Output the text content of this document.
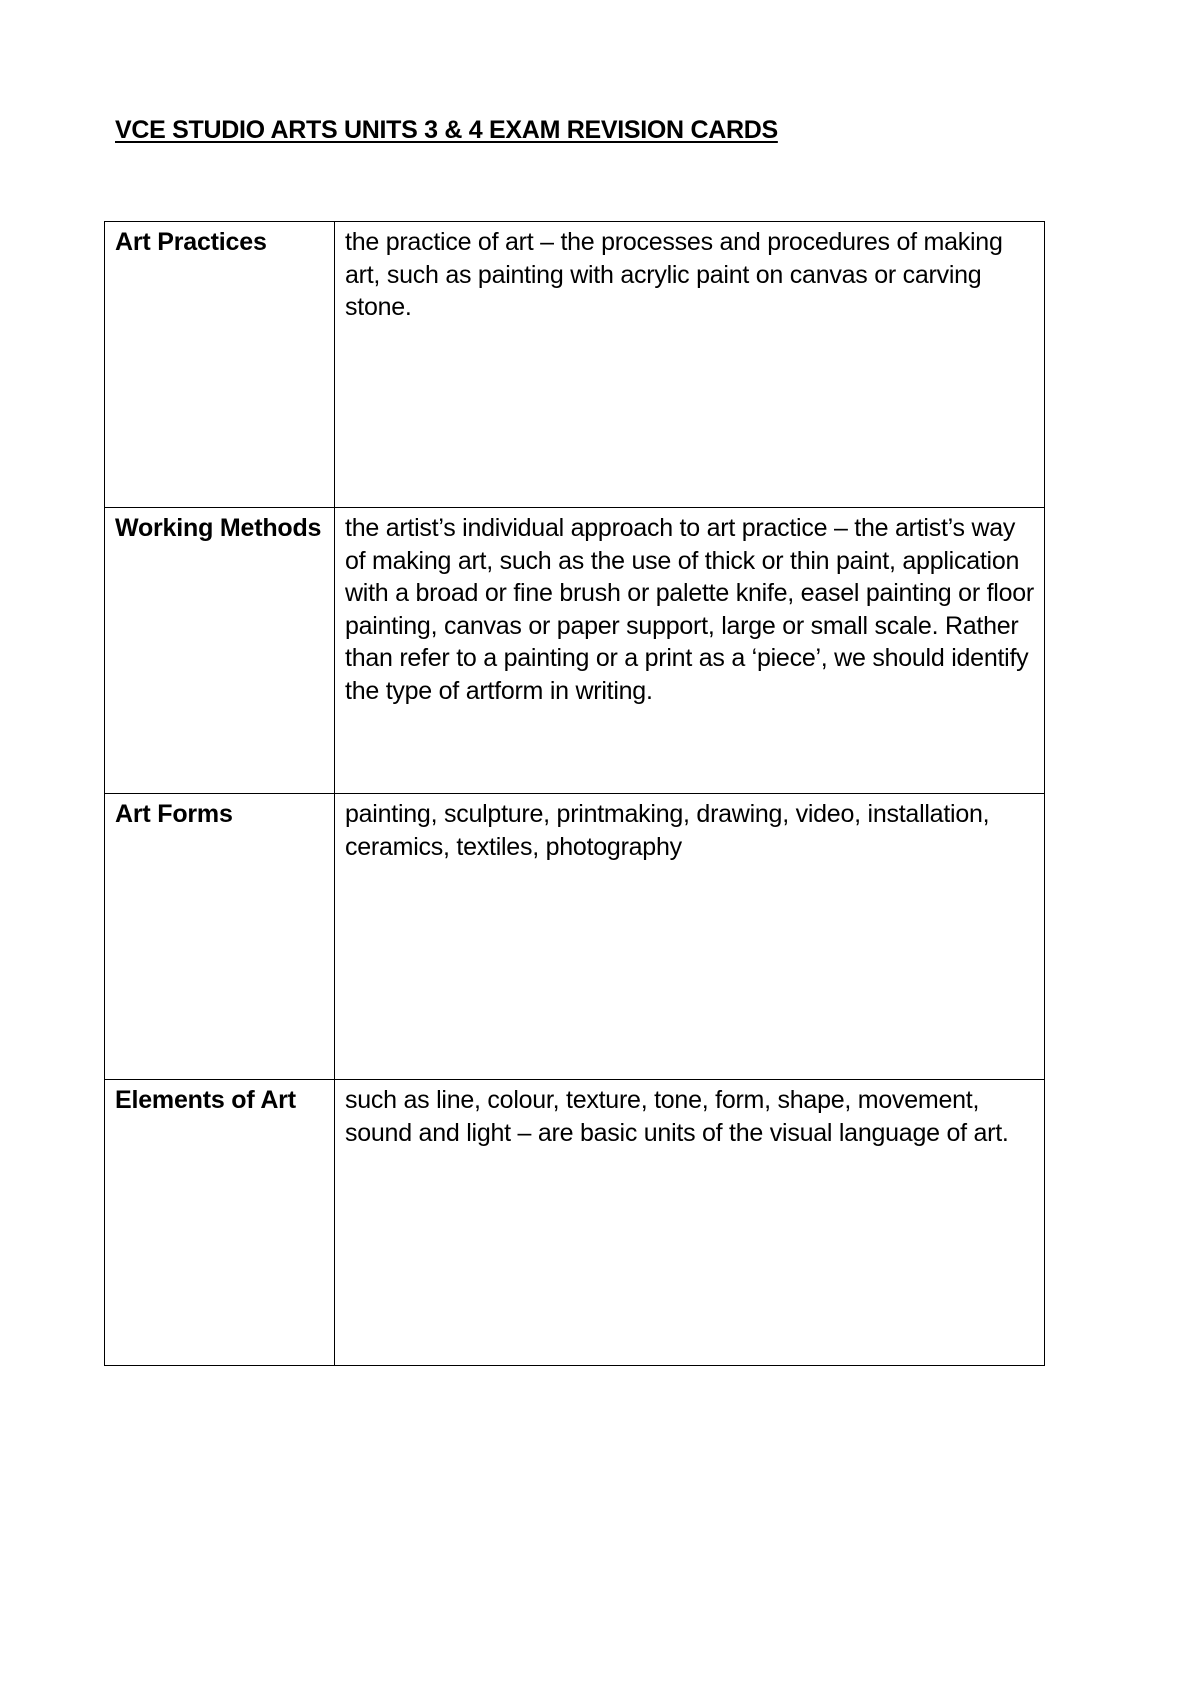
VCE STUDIO ARTS UNITS 3 & 4 EXAM REVISION CARDS
Art Practices	the practice of art – the processes and procedures of making art, such as painting with acrylic paint on canvas or carving stone.

Working Methods	the artist’s individual approach to art practice – the artist’s way of making art, such as the use of thick or thin paint, application with a broad or fine brush or palette knife, easel painting or floor painting, canvas or paper support, large or small scale. Rather than refer to a painting or a print as a ‘piece’, we should identify the type of artform in writing.

Art Forms	painting, sculpture, printmaking, drawing, video, installation, ceramics, textiles, photography

Elements of Art	such as line, colour, texture, tone, form, shape, movement, sound and light – are basic units of the visual language of art.
